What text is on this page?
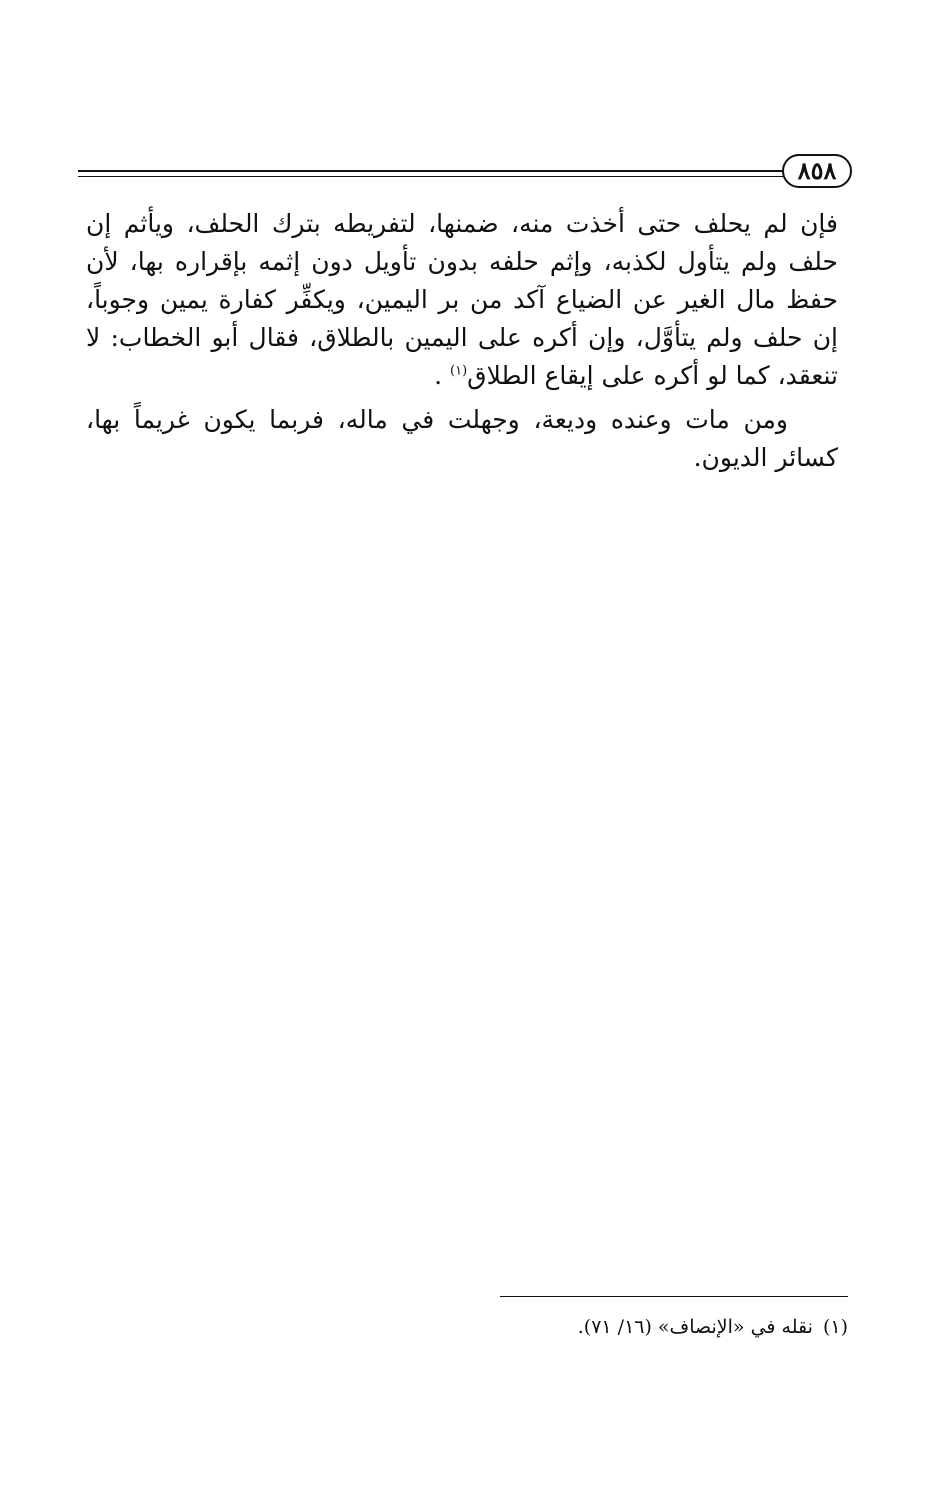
٨٥٨
فإن لم يحلف حتى أخذت منه، ضمنها، لتفريطه بترك الحلف، ويأثم إن
حلف ولم يتأول لكذبه، وإثم حلفه بدون تأويل دون إثمه بإقراره بها، لأن
حفظ مال الغير عن الضياع آكد من بر اليمين، ويكفِّر كفارة يمين وجوباً،
إن حلف ولم يتأوَّل، وإن أكره على اليمين بالطلاق، فقال أبو الخطاب: لا
تنعقد، كما لو أكره على إيقاع الطلاق$^{(١)}$ .
ومن مات وعنده وديعة، وجهلت في ماله، فربما يكون غريماً بها،
كسائر الديون.
(١)نقله في «الإنصاف» (١٦/ ٧١).
